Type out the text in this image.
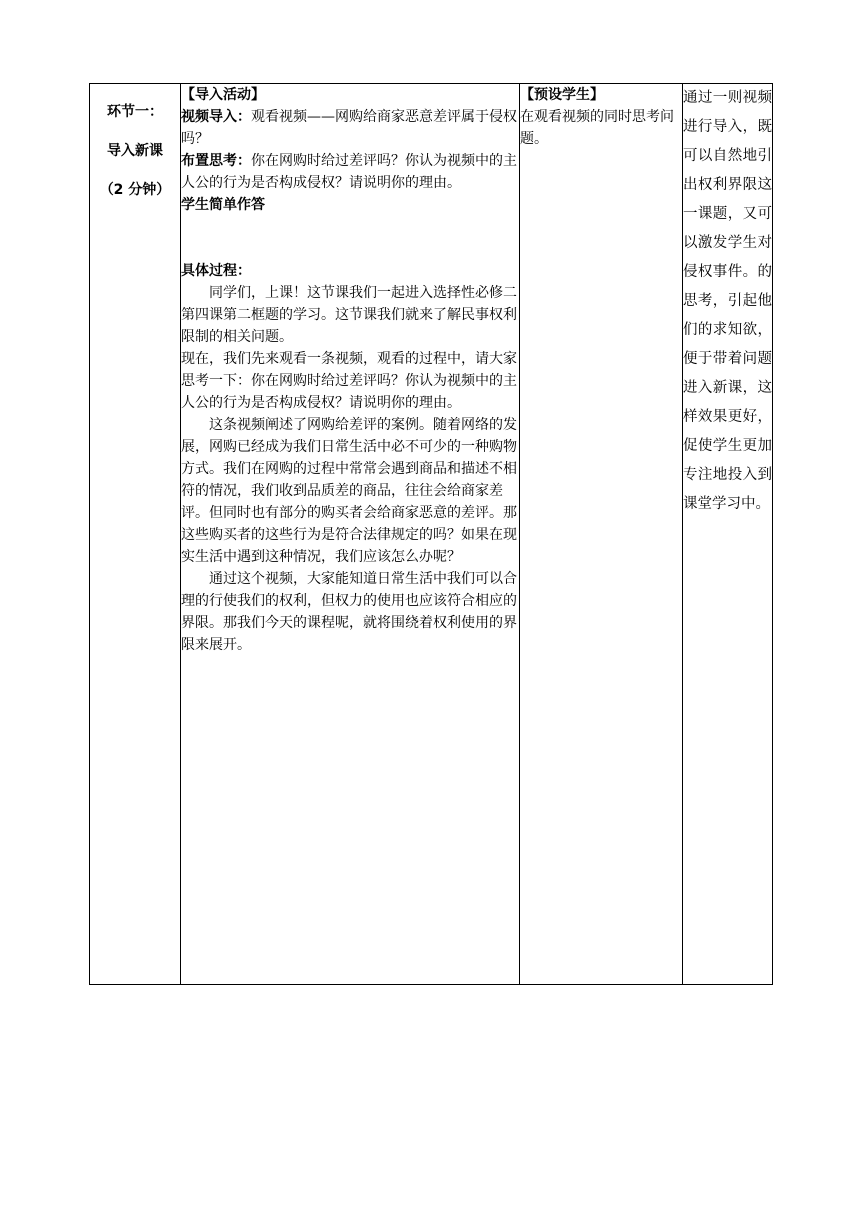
环节一：
导入新课
（2 分钟）

【导入活动】
视频导入：观看视频——网购给商家恶意差评属于侵权吗？
布置思考：你在网购时给过差评吗？你认为视频中的主人公的行为是否构成侵权？请说明你的理由。
学生简单作答
具体过程：
同学们，上课！这节课我们一起进入选择性必修二第四课第二框题的学习。这节课我们就来了解民事权利限制的相关问题。
现在，我们先来观看一条视频，观看的过程中，请大家思考一下：你在网购时给过差评吗？你认为视频中的主人公的行为是否构成侵权？请说明你的理由。
这条视频阐述了网购给差评的案例。随着网络的发展，网购已经成为我们日常生活中必不可少的一种购物方式。我们在网购的过程中常常会遇到商品和描述不相符的情况，我们收到品质差的商品，往往会给商家差评。但同时也有部分的购买者会给商家恶意的差评。那这些购买者的这些行为是符合法律规定的吗？如果在现实生活中遇到这种情况，我们应该怎么办呢？
通过这个视频，大家能知道日常生活中我们可以合理的行使我们的权利，但权力的使用也应该符合相应的界限。那我们今天的课程呢，就将围绕着权利使用的界限来展开。

【预设学生】
在观看视频的同时思考问题。

通过一则视频进行导入，既可以自然地引出权利界限这一课题，又可以激发学生对侵权事件。的思考，引起他们的求知欲，便于带着问题进入新课，这样效果更好，促使学生更加专注地投入到课堂学习中。
